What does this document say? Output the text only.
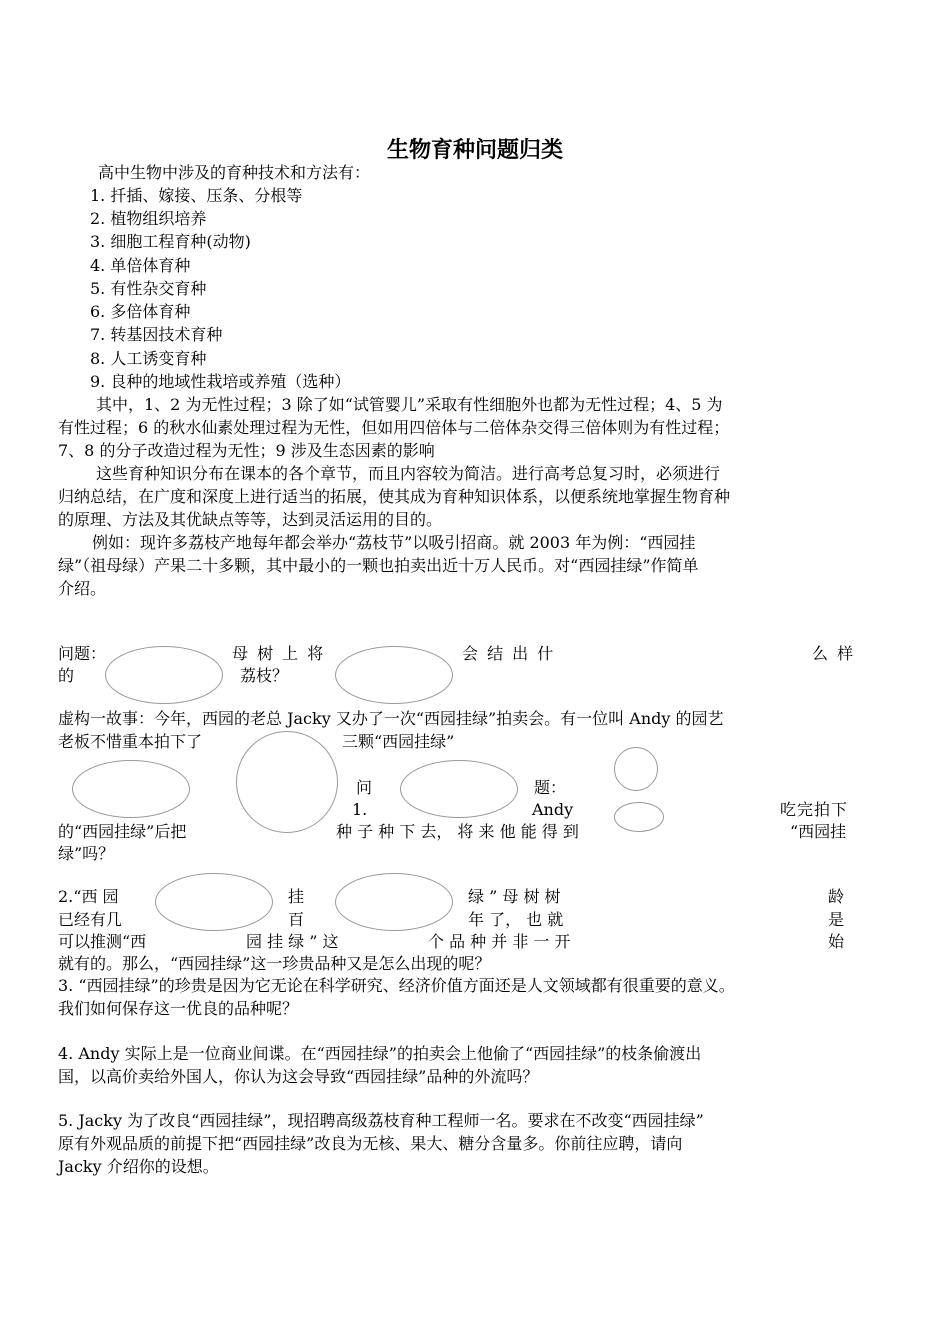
生物育种问题归类
高中生物中涉及的育种技术和方法有：
1. 扦插、嫁接、压条、分根等
2. 植物组织培养
3. 细胞工程育种(动物)
4. 单倍体育种
5. 有性杂交育种
6. 多倍体育种
7. 转基因技术育种
8. 人工诱变育种
9. 良种的地域性栽培或养殖（选种）
　其中，1、2 为无性过程；3 除了如“试管婴儿”采取有性细胞外也都为无性过程；4、5 为
有性过程；6 的秋水仙素处理过程为无性，但如用四倍体与二倍体杂交得三倍体则为有性过程；
7、8 的分子改造过程为无性；9 涉及生态因素的影响
　这些育种知识分布在课本的各个章节，而且内容较为简洁。进行高考总复习时，必须进行
归纳总结，在广度和深度上进行适当的拓展，使其成为育种知识体系，以便系统地掌握生物育种
的原理、方法及其优缺点等等，达到灵活运用的目的。
例如：现许多荔枝产地每年都会举办“荔枝节”以吸引招商。就 2003 年为例：“西园挂
绿”（祖母绿）产果二十多颗，其中最小的一颗也拍卖出近十万人民币。对“西园挂绿”作简单
介绍。
问题：	母 树 上 将	会 结 出 什	么 样
的	荔枝？
虚构一故事：今年，西园的老总 Jacky 又办了一次“西园挂绿”拍卖会。有一位叫 Andy 的园艺
老板不惜重本拍下了	三颗“西园挂绿”
问	题：
1.	Andy	吃完拍下
的“西园挂绿”后把	种 子 种 下 去， 将 来 他 能 得 到	“西园挂
绿”吗？
2.“西 园	挂	绿 ” 母 树 树	龄
已经有几	百	年 了， 也 就	是
可以推测“西	园 挂 绿 ” 这	个 品 种 并 非 一 开	始
就有的。那么，“西园挂绿”这一珍贵品种又是怎么出现的呢？
3. “西园挂绿”的珍贵是因为它无论在科学研究、经济价值方面还是人文领域都有很重要的意义。
我们如何保存这一优良的品种呢？
4. Andy 实际上是一位商业间谍。在“西园挂绿”的拍卖会上他偷了“西园挂绿”的枝条偷渡出
国，以高价卖给外国人，你认为这会导致“西园挂绿”品种的外流吗？
5. Jacky 为了改良“西园挂绿”，现招聘高级荔枝育种工程师一名。要求在不改变“西园挂绿”
原有外观品质的前提下把“西园挂绿”改良为无核、果大、糖分含量多。你前往应聘，请向
Jacky 介绍你的设想。
